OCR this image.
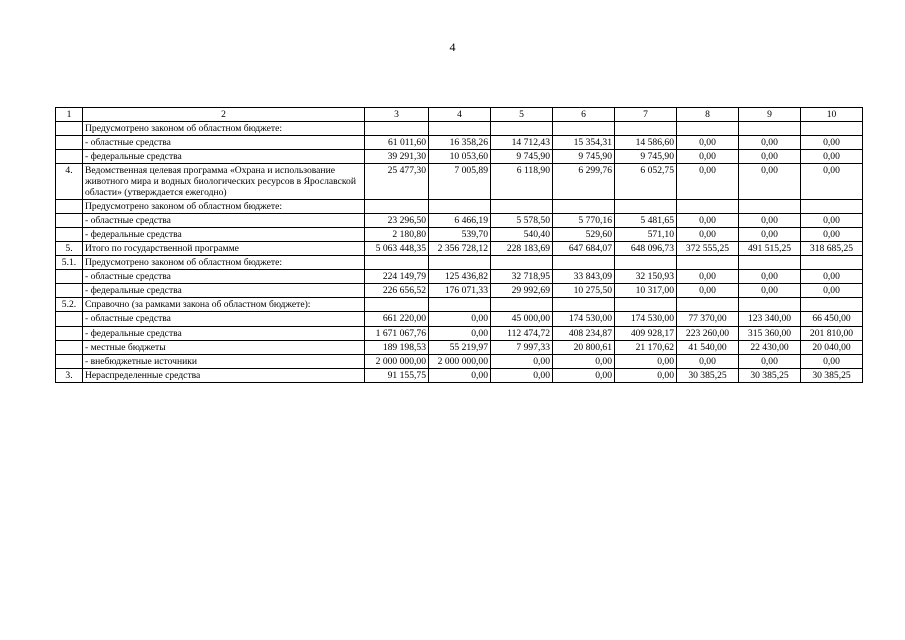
4
1	2	3	4	5	6	7	8	9	10
	Предусмотрено законом об областном бюджете:								
	- областные средства	61 011,60	16 358,26	14 712,43	15 354,31	14 586,60	0,00	0,00	0,00
	- федеральные средства	39 291,30	10 053,60	9 745,90	9 745,90	9 745,90	0,00	0,00	0,00
4.	Ведомственная целевая программа «Охрана и использование животного мира и водных биологических ресурсов в Ярославской области» (утверждается ежегодно)	25 477,30	7 005,89	6 118,90	6 299,76	6 052,75	0,00	0,00	0,00
	Предусмотрено законом об областном бюджете:								
	- областные средства	23 296,50	6 466,19	5 578,50	5 770,16	5 481,65	0,00	0,00	0,00
	- федеральные средства	2 180,80	539,70	540,40	529,60	571,10	0,00	0,00	0,00
5.	Итого по государственной программе	5 063 448,35	2 356 728,12	228 183,69	647 684,07	648 096,73	372 555,25	491 515,25	318 685,25
5.1.	Предусмотрено законом об областном бюджете:								
	- областные средства	224 149,79	125 436,82	32 718,95	33 843,09	32 150,93	0,00	0,00	0,00
	- федеральные средства	226 656,52	176 071,33	29 992,69	10 275,50	10 317,00	0,00	0,00	0,00
5.2.	Справочно (за рамками закона об областном бюджете):								
	- областные средства	661 220,00	0,00	45 000,00	174 530,00	174 530,00	77 370,00	123 340,00	66 450,00
	- федеральные средства	1 671 067,76	0,00	112 474,72	408 234,87	409 928,17	223 260,00	315 360,00	201 810,00
	- местные бюджеты	189 198,53	55 219,97	7 997,33	20 800,61	21 170,62	41 540,00	22 430,00	20 040,00
	- внебюджетные источники	2 000 000,00	2 000 000,00	0,00	0,00	0,00	0,00	0,00	0,00
3.	Нераспределенные средства	91 155,75	0,00	0,00	0,00	0,00	30 385,25	30 385,25	30 385,25
